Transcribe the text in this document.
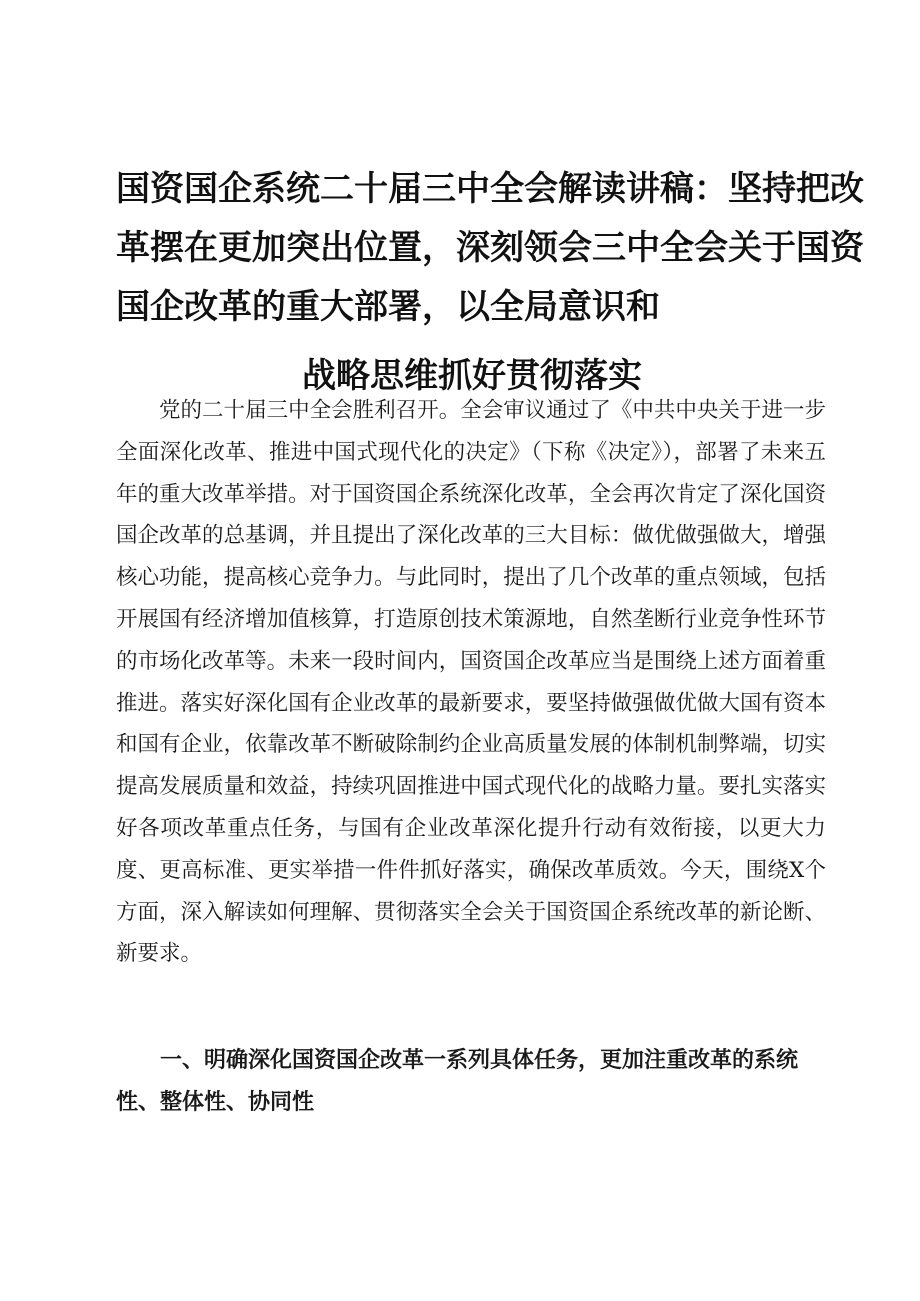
国资国企系统二十届三中全会解读讲稿：坚持把改
革摆在更加突出位置，深刻领会三中全会关于国资
国企改革的重大部署，以全局意识和
战略思维抓好贯彻落实

党的二十届三中全会胜利召开。全会审议通过了《中共中央关于进一步全面深化改革、推进中国式现代化的决定》（下称《决定》），部署了未来五年的重大改革举措。对于国资国企系统深化改革，全会再次肯定了深化国资国企改革的总基调，并且提出了深化改革的三大目标：做优做强做大，增强核心功能，提高核心竞争力。与此同时，提出了几个改革的重点领域，包括开展国有经济增加值核算，打造原创技术策源地，自然垄断行业竞争性环节的市场化改革等。未来一段时间内，国资国企改革应当是围绕上述方面着重推进。落实好深化国有企业改革的最新要求，要坚持做强做优做大国有资本和国有企业，依靠改革不断破除制约企业高质量发展的体制机制弊端，切实提高发展质量和效益，持续巩固推进中国式现代化的战略力量。要扎实落实好各项改革重点任务，与国有企业改革深化提升行动有效衔接，以更大力度、更高标准、更实举措一件件抓好落实，确保改革质效。今天，围绕X个方面，深入解读如何理解、贯彻落实全会关于国资国企系统改革的新论断、新要求。

一、明确深化国资国企改革一系列具体任务，更加注重改革的系统性、整体性、协同性
